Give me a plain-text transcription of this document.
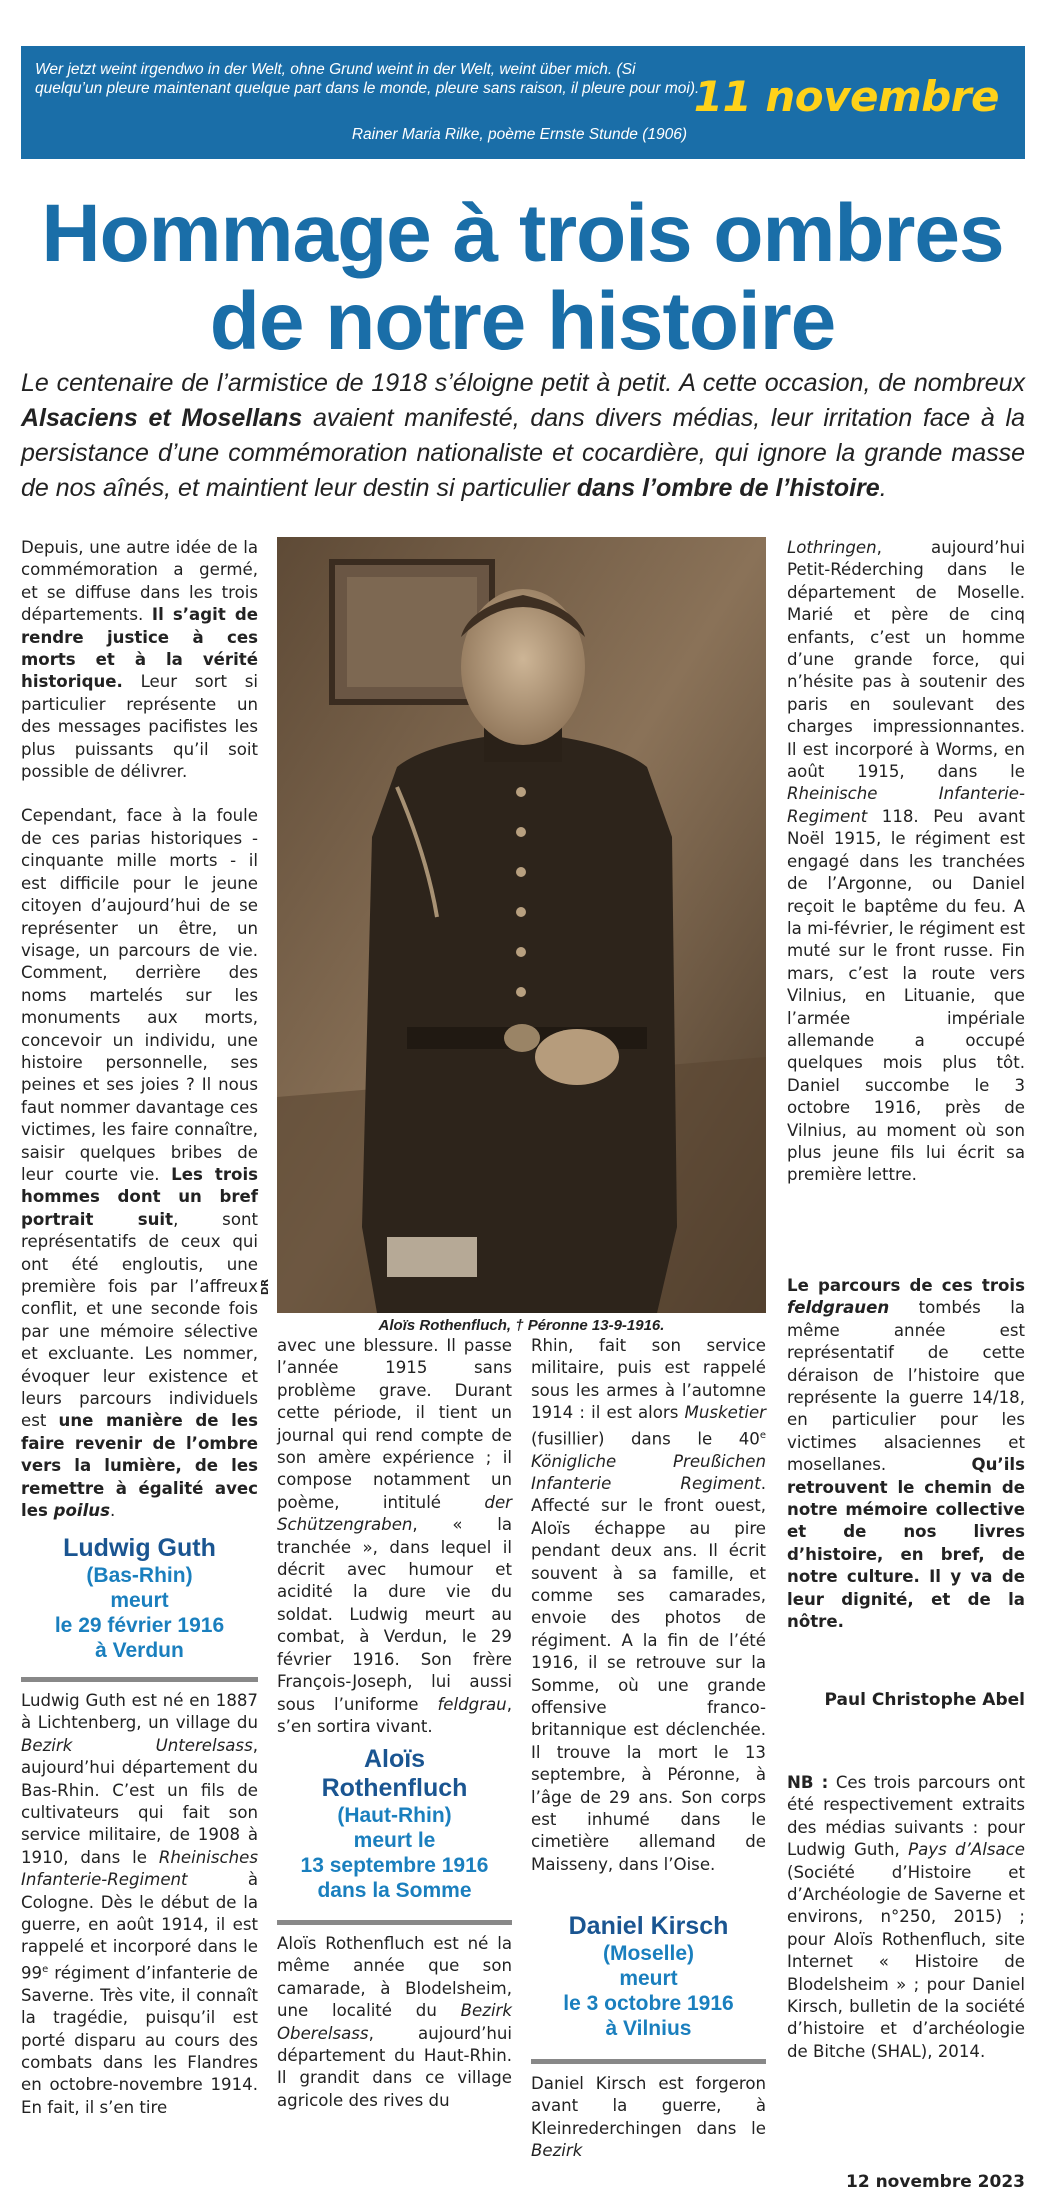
Wer jetzt weint irgendwo in der Welt, ohne Grund weint in der Welt, weint über mich. (Si quelqu’un pleure maintenant quelque part dans le monde, pleure sans raison, il pleure pour moi).

Rainer Maria Rilke, poème Ernste Stunde (1906)
11 novembre
Hommage à trois ombres
de notre histoire

Le centenaire de l’armistice de 1918 s’éloigne petit à petit. A cette occasion, de nombreux Alsaciens et Mosellans avaient manifesté, dans divers médias, leur irritation face à la persistance d’une commémoration nationaliste et cocardière, qui ignore la grande masse de nos aînés, et maintient leur destin si particulier dans l’ombre de l’histoire.

Depuis, une autre idée de la commémoration a germé, et se diffuse dans les trois départements. Il s’agit de rendre justice à ces morts et à la vérité historique. Leur sort si particulier représente un des messages pacifistes les plus puissants qu’il soit possible de délivrer.

Cependant, face à la foule de ces parias historiques - cinquante mille morts - il est difficile pour le jeune citoyen d’aujourd’hui de se représenter un être, un visage, un parcours de vie. Comment, derrière des noms martelés sur les monuments aux morts, concevoir un individu, une histoire personnelle, ses peines et ses joies ? Il nous faut nommer davantage ces victimes, les faire connaître, saisir quelques bribes de leur courte vie. Les trois hommes dont un bref portrait suit, sont représentatifs de ceux qui ont été engloutis, une première fois par l’affreux conflit, et une seconde fois par une mémoire sélective et excluante. Les nommer, évoquer leur existence et leurs parcours individuels est une manière de les faire revenir de l’ombre vers la lumière, de les remettre à égalité avec les poilus.

Ludwig Guth
(Bas-Rhin)
meurt
le 29 février 1916
à Verdun

Ludwig Guth est né en 1887 à Lichtenberg, un village du Bezirk Unterelsass, aujourd’hui département du Bas-Rhin. C’est un fils de cultivateurs qui fait son service militaire, de 1908 à 1910, dans le Rheinisches Infanterie-Regiment à Cologne. Dès le début de la guerre, en août 1914, il est rappelé et incorporé dans le 99e régiment d’infanterie de Saverne. Très vite, il connaît la tragédie, puisqu’il est porté disparu au cours des combats dans les Flandres en octobre-novembre 1914. En fait, il s’en tire

DR
Aloïs Rothenfluch, † Péronne 13-9-1916.

avec une blessure. Il passe l’année 1915 sans problème grave. Durant cette période, il tient un journal qui rend compte de son amère expérience ; il compose notamment un poème, intitulé der Schützengraben, « la tranchée », dans lequel il décrit avec humour et acidité la dure vie du soldat. Ludwig meurt au combat, à Verdun, le 29 février 1916. Son frère François-Joseph, lui aussi sous l’uniforme feldgrau, s’en sortira vivant.

Aloïs
Rothenfluch
(Haut-Rhin)
meurt le
13 septembre 1916
dans la Somme

Aloïs Rothenfluch est né la même année que son camarade, à Blodelsheim, une localité du Bezirk Oberelsass, aujourd’hui département du Haut-Rhin. Il grandit dans ce village agricole des rives du

Rhin, fait son service militaire, puis est rappelé sous les armes à l’automne 1914 : il est alors Musketier (fusillier) dans le 40e Königliche Preußichen Infanterie Regiment. Affecté sur le front ouest, Aloïs échappe au pire pendant deux ans. Il écrit souvent à sa famille, et comme ses camarades, envoie des photos de régiment. A la fin de l’été 1916, il se retrouve sur la Somme, où une grande offensive franco-britannique est déclenchée. Il trouve la mort le 13 septembre, à Péronne, à l’âge de 29 ans. Son corps est inhumé dans le cimetière allemand de Maisseny, dans l’Oise.

Daniel Kirsch
(Moselle)
meurt
le 3 octobre 1916
à Vilnius

Daniel Kirsch est forgeron avant la guerre, à Kleinrederchingen dans le Bezirk

Lothringen, aujourd’hui Petit-Réderching dans le département de Moselle. Marié et père de cinq enfants, c’est un homme d’une grande force, qui n’hésite pas à soutenir des paris en soulevant des charges impressionnantes. Il est incorporé à Worms, en août 1915, dans le Rheinische Infanterie-Regiment 118. Peu avant Noël 1915, le régiment est engagé dans les tranchées de l’Argonne, ou Daniel reçoit le baptême du feu. A la mi-février, le régiment est muté sur le front russe. Fin mars, c’est la route vers Vilnius, en Lituanie, que l’armée impériale allemande a occupé quelques mois plus tôt. Daniel succombe le 3 octobre 1916, près de Vilnius, au moment où son plus jeune fils lui écrit sa première lettre.

Le parcours de ces trois feldgrauen tombés la même année est représentatif de cette déraison de l’histoire que représente la guerre 14/18, en particulier pour les victimes alsaciennes et mosellanes. Qu’ils retrouvent le chemin de notre mémoire collective et de nos livres d’histoire, en bref, de notre culture. Il y va de leur dignité, et de la nôtre.

Paul Christophe Abel

NB : Ces trois parcours ont été respectivement extraits des médias suivants : pour Ludwig Guth, Pays d’Alsace (Société d’Histoire et d’Archéologie de Saverne et environs, n°250, 2015) ; pour Aloïs Rothenfluch, site Internet « Histoire de Blodelsheim » ; pour Daniel Kirsch, bulletin de la société d’histoire et d’archéologie de Bitche (SHAL), 2014.

12 novembre 2023
